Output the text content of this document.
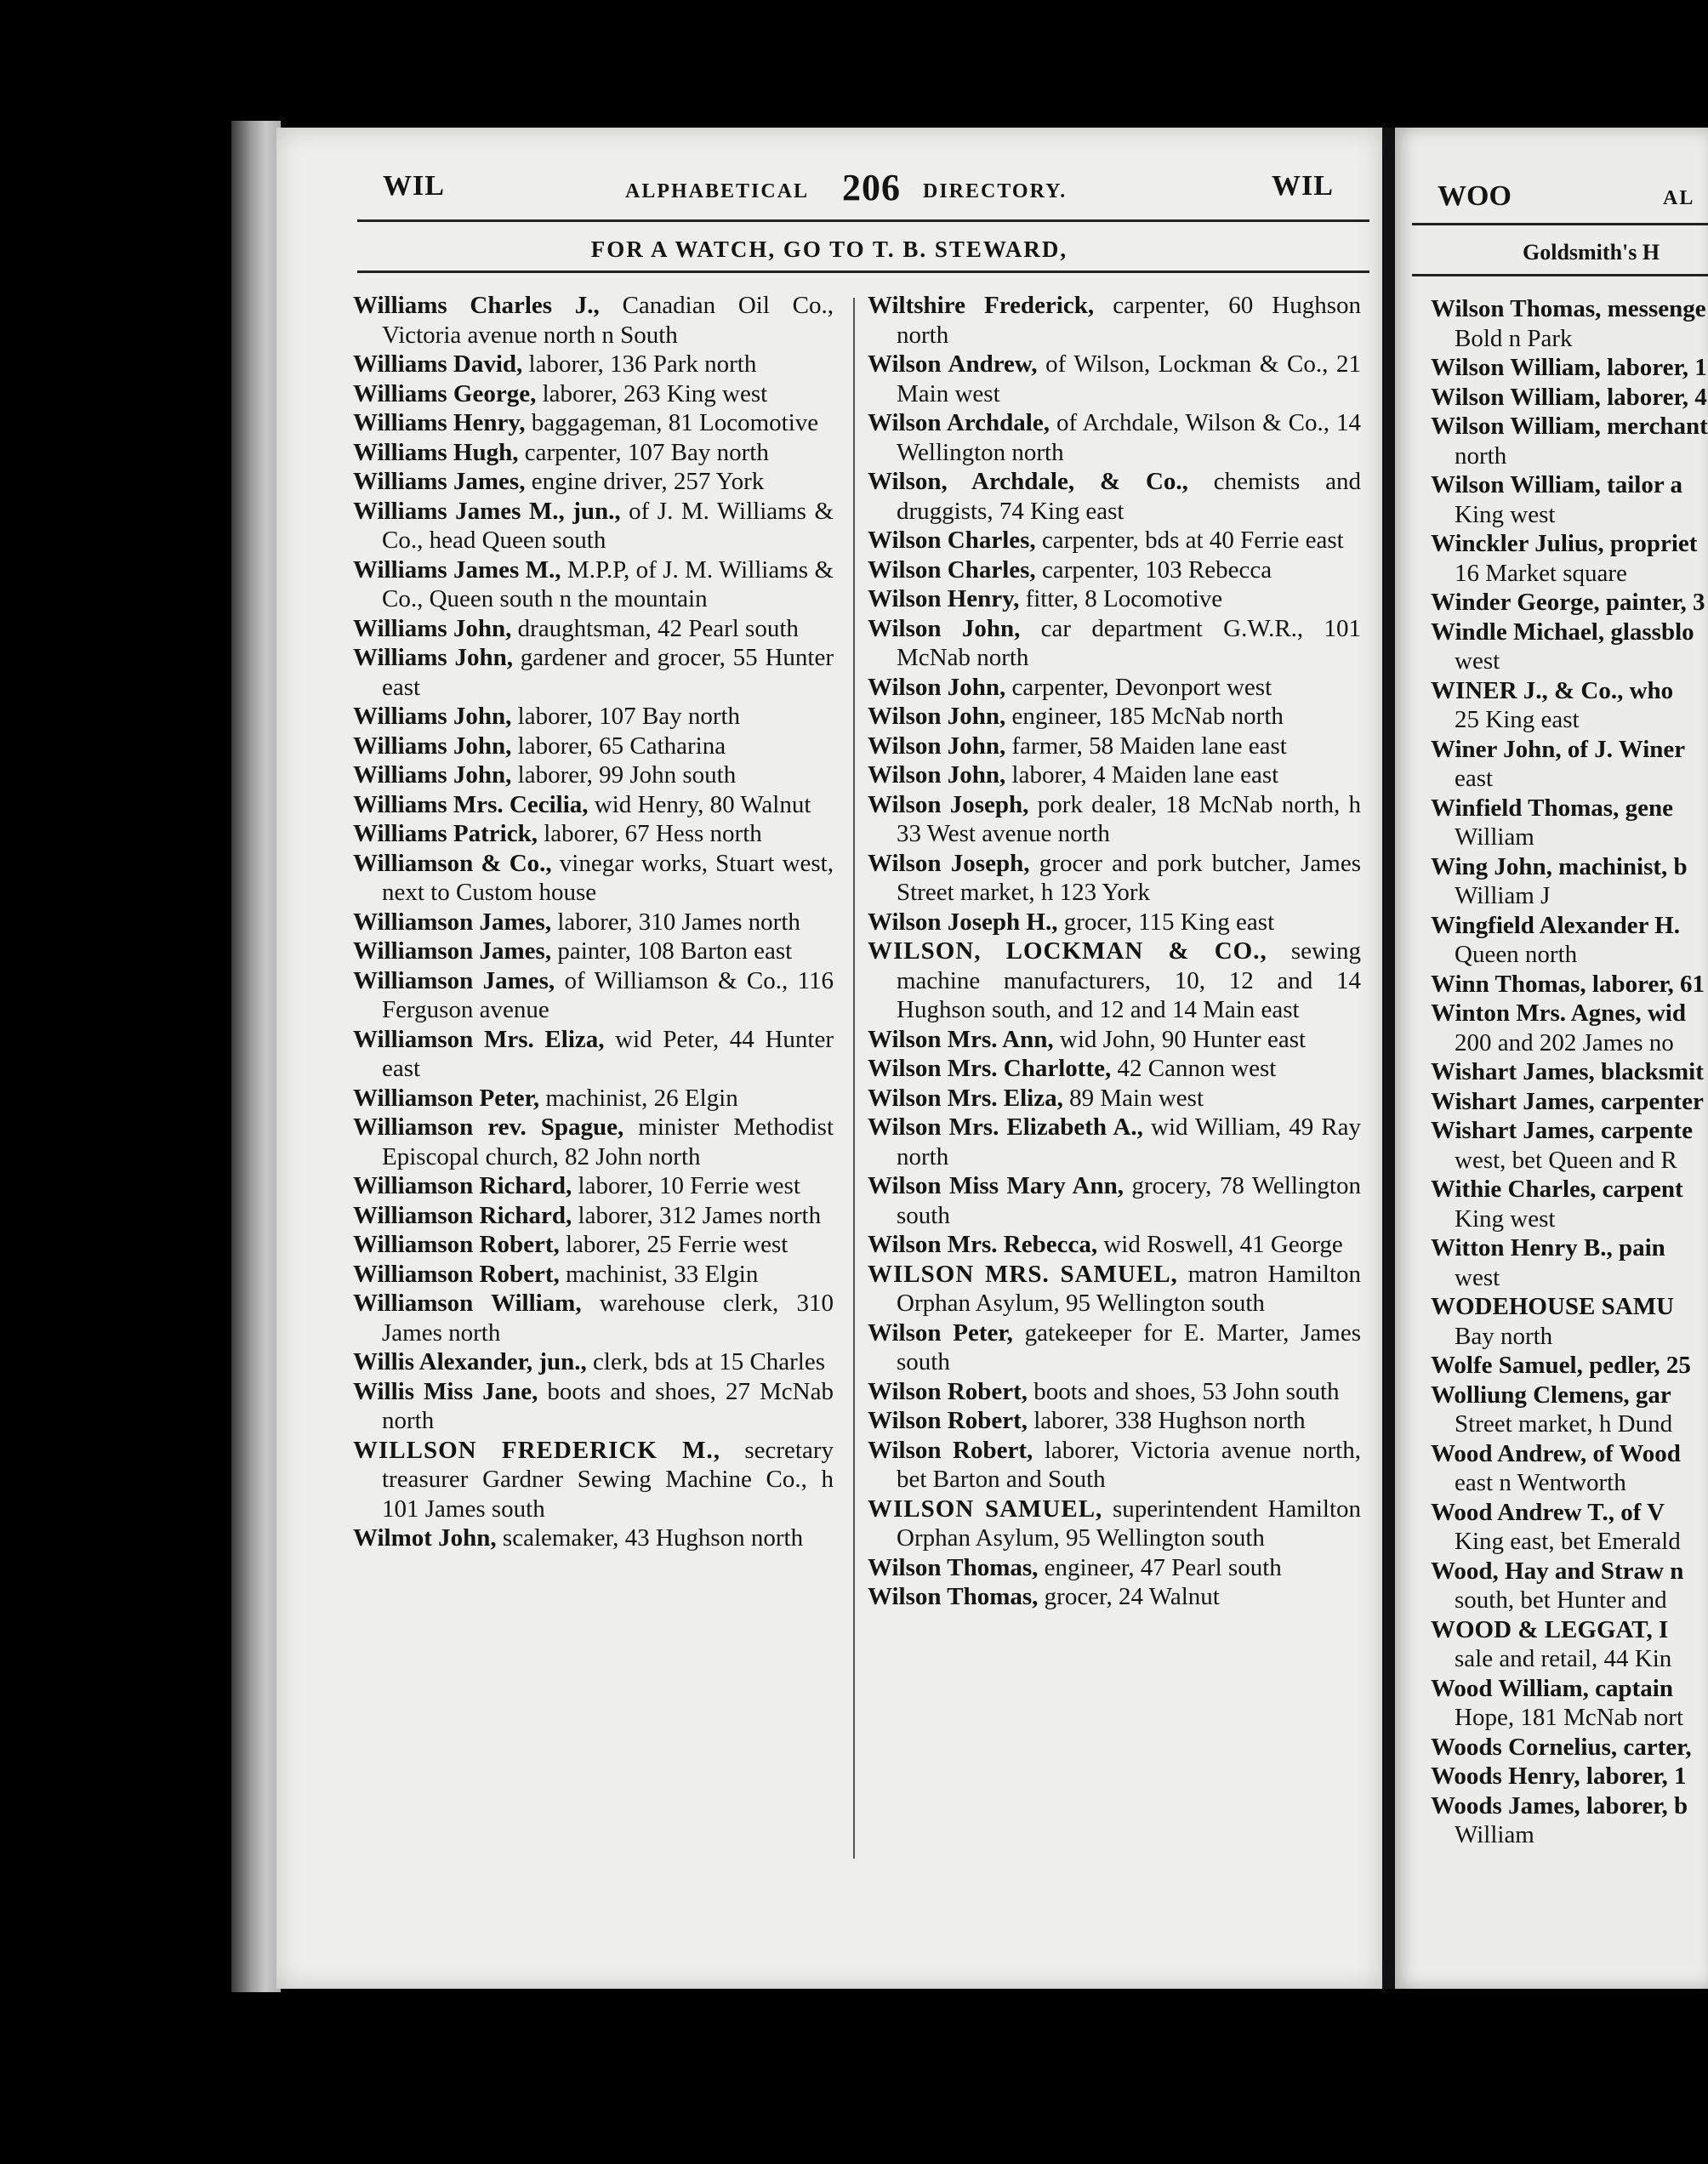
WIL	ALPHABETICAL 206 DIRECTORY.	WIL
FOR A WATCH, GO TO T. B. STEWARD,

Williams Charles J., Canadian Oil Co., Victoria avenue north n South

Williams David, laborer, 136 Park north

Williams George, laborer, 263 King west

Williams Henry, baggageman, 81 Locomotive

Williams Hugh, carpenter, 107 Bay north

Williams James, engine driver, 257 York

Williams James M., jun., of J. M. Williams & Co., head Queen south

Williams James M., M.P.P, of J. M. Williams & Co., Queen south n the mountain

Williams John, draughtsman, 42 Pearl south

Williams John, gardener and grocer, 55 Hunter east

Williams John, laborer, 107 Bay north

Williams John, laborer, 65 Catharina

Williams John, laborer, 99 John south

Williams Mrs. Cecilia, wid Henry, 80 Walnut

Williams Patrick, laborer, 67 Hess north

Williamson & Co., vinegar works, Stuart west, next to Custom house

Williamson James, laborer, 310 James north

Williamson James, painter, 108 Barton east

Williamson James, of Williamson & Co., 116 Ferguson avenue

Williamson Mrs. Eliza, wid Peter, 44 Hunter east

Williamson Peter, machinist, 26 Elgin

Williamson rev. Spague, minister Methodist Episcopal church, 82 John north

Williamson Richard, laborer, 10 Ferrie west

Williamson Richard, laborer, 312 James north

Williamson Robert, laborer, 25 Ferrie west

Williamson Robert, machinist, 33 Elgin

Williamson William, warehouse clerk, 310 James north

Willis Alexander, jun., clerk, bds at 15 Charles

Willis Miss Jane, boots and shoes, 27 McNab north

WILLSON FREDERICK M., secretary treasurer Gardner Sewing Machine Co., h 101 James south

Wilmot John, scalemaker, 43 Hughson north

Wiltshire Frederick, carpenter, 60 Hughson north

Wilson Andrew, of Wilson, Lockman & Co., 21 Main west

Wilson Archdale, of Archdale, Wilson & Co., 14 Wellington north

Wilson, Archdale, & Co., chemists and druggists, 74 King east

Wilson Charles, carpenter, bds at 40 Ferrie east

Wilson Charles, carpenter, 103 Rebecca

Wilson Henry, fitter, 8 Locomotive

Wilson John, car department G.W.R., 101 McNab north

Wilson John, carpenter, Devonport west

Wilson John, engineer, 185 McNab north

Wilson John, farmer, 58 Maiden lane east

Wilson John, laborer, 4 Maiden lane east

Wilson Joseph, pork dealer, 18 McNab north, h 33 West avenue north

Wilson Joseph, grocer and pork butcher, James Street market, h 123 York

Wilson Joseph H., grocer, 115 King east

WILSON, LOCKMAN & CO., sewing machine manufacturers, 10, 12 and 14 Hughson south, and 12 and 14 Main east

Wilson Mrs. Ann, wid John, 90 Hunter east

Wilson Mrs. Charlotte, 42 Cannon west

Wilson Mrs. Eliza, 89 Main west

Wilson Mrs. Elizabeth A., wid William, 49 Ray north

Wilson Miss Mary Ann, grocery, 78 Wellington south

Wilson Mrs. Rebecca, wid Roswell, 41 George

WILSON MRS. SAMUEL, matron Hamilton Orphan Asylum, 95 Wellington south

Wilson Peter, gatekeeper for E. Marter, James south

Wilson Robert, boots and shoes, 53 John south

Wilson Robert, laborer, 338 Hughson north

Wilson Robert, laborer, Victoria avenue north, bet Barton and South

WILSON SAMUEL, superintendent Hamilton Orphan Asylum, 95 Wellington south

Wilson Thomas, engineer, 47 Pearl south

Wilson Thomas, grocer, 24 Walnut

WOO	AL
Goldsmith's H
Wilson Thomas, messenge
Bold n Park
Wilson William, laborer, 1
Wilson William, laborer, 4
Wilson William, merchant
north
Wilson William, tailor a
King west
Winckler Julius, propriet
16 Market square
Winder George, painter, 3
Windle Michael, glassblo
west
WINER J., & Co., who
25 King east
Winer John, of J. Winer
east
Winfield Thomas, gene
William
Wing John, machinist, b
William J
Wingfield Alexander H.
Queen north
Winn Thomas, laborer, 61
Winton Mrs. Agnes, wid
200 and 202 James no
Wishart James, blacksmit
Wishart James, carpenter
Wishart James, carpente
west, bet Queen and R
Withie Charles, carpent
King west
Witton Henry B., pain
west
WODEHOUSE SAMU
Bay north
Wolfe Samuel, pedler, 25
Wolliung Clemens, gar
Street market, h Dund
Wood Andrew, of Wood
east n Wentworth
Wood Andrew T., of V
King east, bet Emerald
Wood, Hay and Straw n
south, bet Hunter and
WOOD & LEGGAT, I
sale and retail, 44 Kin
Wood William, captain
Hope, 181 McNab nort
Woods Cornelius, carter,
Woods Henry, laborer, 1
Woods James, laborer, b
William
